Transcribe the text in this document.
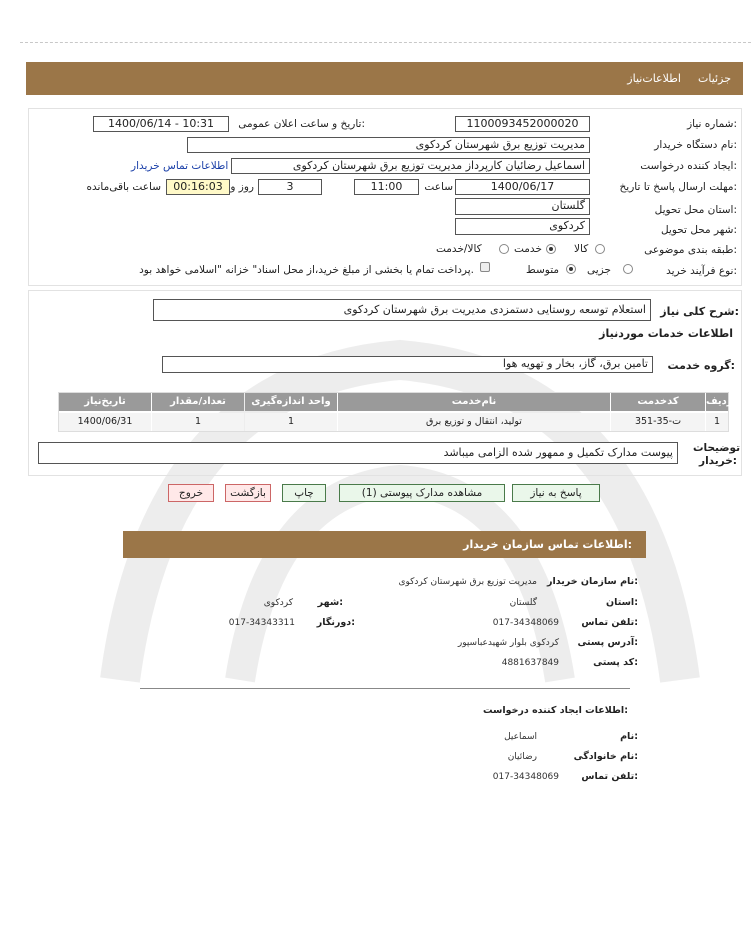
جزئیات
اطلاعات‌نیاز
شماره نیاز:
1100093452000020
تاریخ و ساعت اعلان عمومی:
1400/06/14 - 10:31
نام دستگاه خریدار:
مدیریت توزیع برق شهرستان کردکوی
ایجاد کننده درخواست:
اسماعیل رضائیان کارپرداز مدیریت توزیع برق شهرستان کردکوی
اطلاعات تماس خریدار
مهلت ارسال پاسخ تا تاریخ:
1400/06/17
ساعت
11:00
3
روز و
00:16:03
ساعت باقی‌مانده
استان محل تحویل:
گلستان
شهر محل تحویل:
کردکوی
طبقه بندی موضوعی:
کالا
خدمت
کالا/خدمت
نوع فرآیند خرید:
جزیی
متوسط
پرداخت تمام یا بخشی از مبلغ خرید،از محل اسناد" خزانه "اسلامی خواهد بود.
شرح کلی نیاز:
استعلام توسعه روستایی دستمزدی مدیریت برق شهرستان کردکوی
اطلاعات خدمات موردنیاز
گروه خدمت:
تامین برق، گاز، بخار و تهویه هوا
ردیف
کدخدمت
نام‌خدمت
واحد اندازه‌گیری
تعداد/مقدار
تاریخ‌نیاز
1
ت-35-351
تولید، انتقال و توزیع برق
1
1
1400/06/31
توضیحات خریدار:
پیوست مدارک تکمیل و ممهور شده الزامی میباشد
پاسخ به نیاز
مشاهده مدارک پیوستی (1)
چاپ
بازگشت
خروج
اطلاعات تماس سازمان خریدار:
نام سازمان خریدار:
مدیریت توزیع برق شهرستان کردکوی
استان:
گلستان
شهر:
کردکوی
تلفن تماس:
017-34348069
دورنگار:
017-34343311
آدرس پستی:
کردکوی بلوار شهیدعباسپور
کد پستی:
4881637849
اطلاعات ایجاد کننده درخواست:
نام:
اسماعیل
نام خانوادگی:
رضائیان
تلفن تماس:
017-34348069
